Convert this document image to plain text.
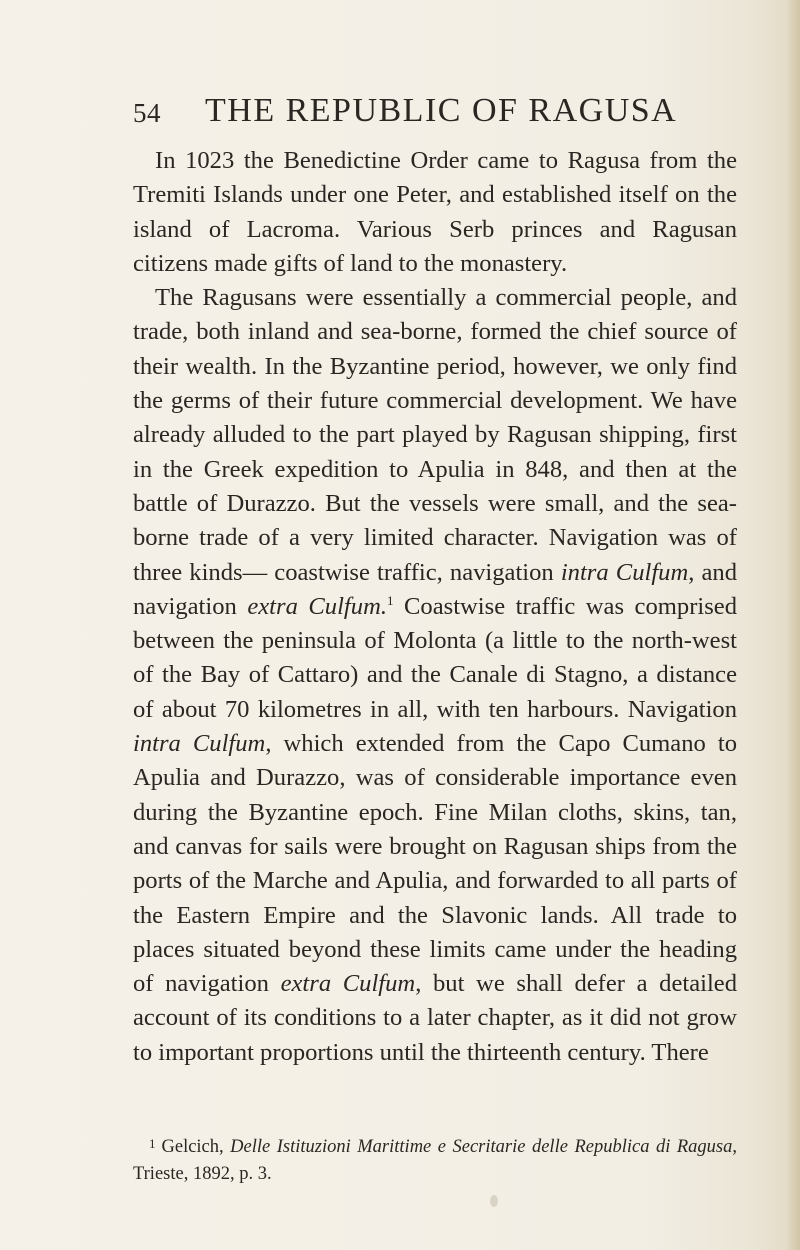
54 THE REPUBLIC OF RAGUSA

In 1023 the Benedictine Order came to Ragusa from the Tremiti Islands under one Peter, and established itself on the island of Lacroma. Various Serb princes and Ragusan citizens made gifts of land to the monastery.

The Ragusans were essentially a commercial people, and trade, both inland and sea-borne, formed the chief source of their wealth. In the Byzantine period, however, we only find the germs of their future commercial development. We have already alluded to the part played by Ragusan shipping, first in the Greek expedition to Apulia in 848, and then at the battle of Durazzo. But the vessels were small, and the sea-borne trade of a very limited character. Navigation was of three kinds— coastwise traffic, navigation intra Culfum, and navigation extra Culfum.$^1$ Coastwise traffic was comprised between the peninsula of Molonta (a little to the north-west of the Bay of Cattaro) and the Canale di Stagno, a distance of about 70 kilometres in all, with ten harbours. Navigation intra Culfum, which extended from the Capo Cumano to Apulia and Durazzo, was of considerable importance even during the Byzantine epoch. Fine Milan cloths, skins, tan, and canvas for sails were brought on Ragusan ships from the ports of the Marche and Apulia, and forwarded to all parts of the Eastern Empire and the Slavonic lands. All trade to places situated beyond these limits came under the heading of navigation extra Culfum, but we shall defer a detailed account of its conditions to a later chapter, as it did not grow to important proportions until the thirteenth century. There

$^1$ Gelcich, Delle Istituzioni Marittime e Secritarie delle Republica di Ragusa, Trieste, 1892, p. 3.
